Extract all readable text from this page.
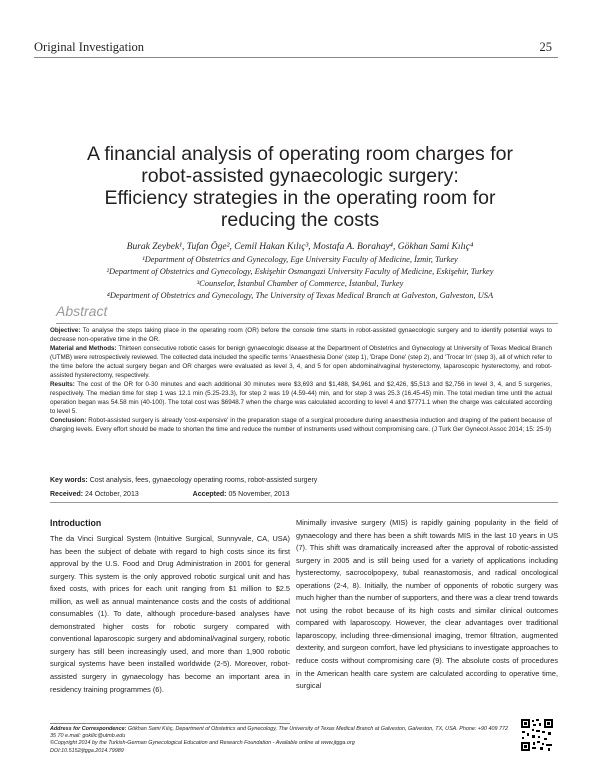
Original Investigation	25
A financial analysis of operating room charges for
robot-assisted gynaecologic surgery:
Efficiency strategies in the operating room for
reducing the costs
Burak Zeybek¹, Tufan Öge², Cemil Hakan Kılıç³, Mostafa A. Borahay⁴, Gökhan Sami Kılıç⁴
¹Department of Obstetrics and Gynecology, Ege University Faculty of Medicine, İzmir, Turkey
²Department of Obstetrics and Gynecology, Eskişehir Osmangazi University Faculty of Medicine, Eskişehir, Turkey
³Counselor, İstanbul Chamber of Commerce, İstanbul, Turkey
⁴Department of Obstetrics and Gynecology, The University of Texas Medical Branch at Galveston, Galveston, USA
Abstract

Objective: To analyse the steps taking place in the operating room (OR) before the console time starts in robot-assisted gynaecologic surgery and to identify potential ways to decrease non-operative time in the OR.

Material and Methods: Thirteen consecutive robotic cases for benign gynaecologic disease at the Department of Obstetrics and Gynecology at University of Texas Medical Branch (UTMB) were retrospectively reviewed. The collected data included the specific terms 'Anaesthesia Done' (step 1), 'Drape Done' (step 2), and 'Trocar In' (step 3), all of which refer to the time before the actual surgery began and OR charges were evaluated as level 3, 4, and 5 for open abdominal/vaginal hysterectomy, laparoscopic hysterectomy, and robot-assisted hysterectomy, respectively.

Results: The cost of the OR for 0-30 minutes and each additional 30 minutes were $3,693 and $1,488, $4,961 and $2,426, $5,513 and $2,756 in level 3, 4, and 5 surgeries, respectively. The median time for step 1 was 12.1 min (5.25-23.3), for step 2 was 19 (4.59-44) min, and for step 3 was 25.3 (16.45-45) min. The total median time until the actual operation began was 54.58 min (40-100). The total cost was $6948.7 when the charge was calculated according to level 4 and $7771.1 when the charge was calculated according to level 5.

Conclusion: Robot-assisted surgery is already 'cost-expensive' in the preparation stage of a surgical procedure during anaesthesia induction and draping of the patient because of charging levels. Every effort should be made to shorten the time and reduce the number of instruments used without compromising care. (J Turk Ger Gynecol Assoc 2014; 15: 25-9)

Key words: Cost analysis, fees, gynaecology operating rooms, robot-assisted surgery
Received: 24 October, 2013	Accepted: 05 November, 2013
Introduction
The da Vinci Surgical System (Intuitive Surgical, Sunnyvale, CA, USA) has been the subject of debate with regard to high costs since its first approval by the U.S. Food and Drug Administration in 2001 for general surgery. This system is the only approved robotic surgical unit and has fixed costs, with prices for each unit ranging from $1 million to $2.5 million, as well as annual maintenance costs and the costs of additional consumables (1). To date, although procedure-based analyses have demonstrated higher costs for robotic surgery compared with conventional laparoscopic surgery and abdominal/vaginal surgery, robotic surgery has still been increasingly used, and more than 1,900 robotic surgical systems have been installed worldwide (2-5). Moreover, robot-assisted surgery in gynaecology has become an important area in residency training programmes (6).
Minimally invasive surgery (MIS) is rapidly gaining popularity in the field of gynaecology and there has been a shift towards MIS in the last 10 years in US (7). This shift was dramatically increased after the approval of robotic-assisted surgery in 2005 and is still being used for a variety of applications including hysterectomy, sacrocolpopexy, tubal reanastomosis, and radical oncological operations (2-4, 8). Initially, the number of opponents of robotic surgery was much higher than the number of supporters, and there was a clear trend towards not using the robot because of its high costs and similar clinical outcomes compared with laparoscopy. However, the clear advantages over traditional laparoscopy, including three-dimensional imaging, tremor filtration, augmented dexterity, and surgeon comfort, have led physicians to investigate approaches to reduce costs without compromising care (9). The absolute costs of procedures in the American health care system are calculated according to operative time, surgical
Address for Correspondence: Gökhan Sami Kılıç, Department of Obstetrics and Gynecology, The University of Texas Medical Branch at Galveston, Galveston, TX, USA. Phone: +90 409 772 35 70 e.mail: gokilic@utmb.edu
©Copyright 2014 by the Turkish-German Gynecological Education and Research Foundation - Available online at www.jtgga.org
DOI:10.5152/jtgga.2014.79989
